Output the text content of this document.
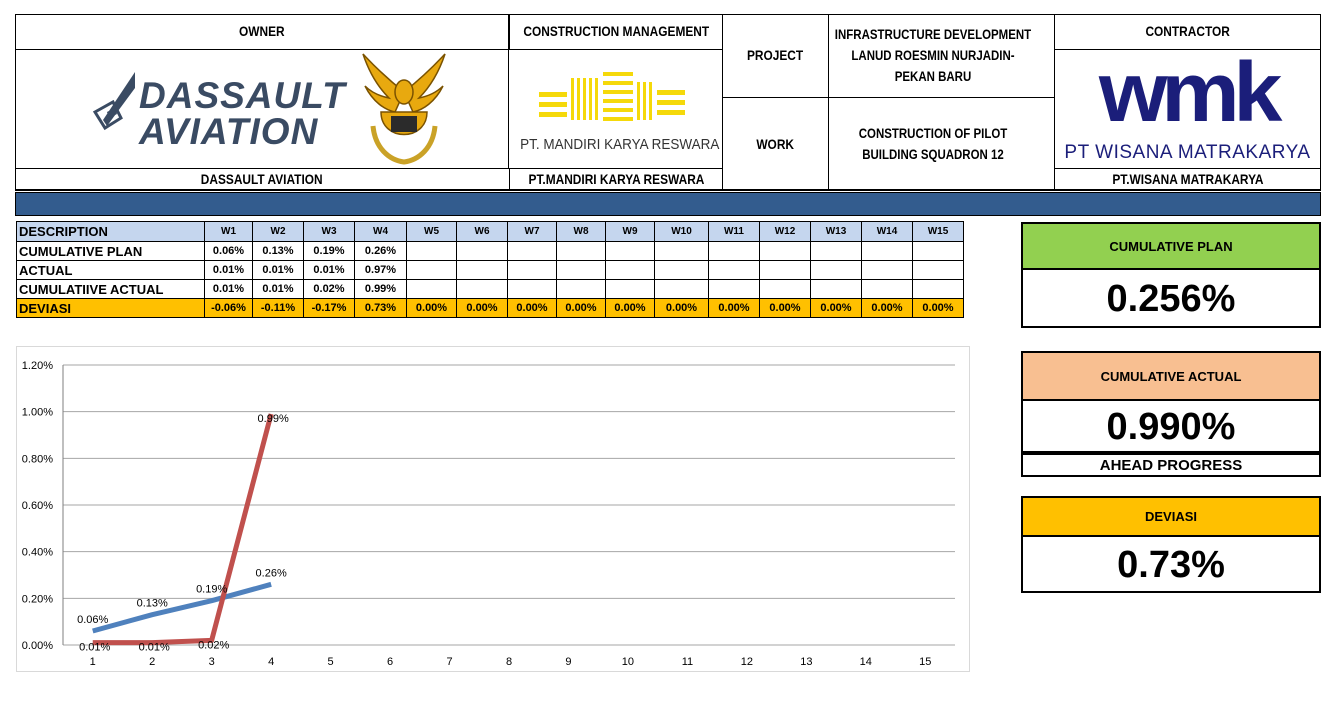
OWNER
DASSAULT
AVIATION
DASSAULT AVIATION
CONSTRUCTION MANAGEMENT
PT. MANDIRI KARYA RESWARA
PT.MANDIRI KARYA RESWARA
PROJECT
INFRASTRUCTURE DEVELOPMENT LANUD ROESMIN NURJADIN-PEKAN BARU
WORK
CONSTRUCTION OF PILOT BUILDING SQUADRON 12
CONTRACTOR
wmk
PT WISANA MATRAKARYA
PT.WISANA MATRAKARYA
DESCRIPTION	W1	W2	W3	W4	W5	W6	W7	W8	W9	W10	W11	W12	W13	W14	W15
CUMULATIVE PLAN	0.06%	0.13%	0.19%	0.26%											
ACTUAL	0.01%	0.01%	0.01%	0.97%											
CUMULATIIVE ACTUAL	0.01%	0.01%	0.02%	0.99%											
DEVIASI	-0.06%	-0.11%	-0.17%	0.73%	0.00%	0.00%	0.00%	0.00%	0.00%	0.00%	0.00%	0.00%	0.00%	0.00%	0.00%
0.00%
0.20%
0.40%
0.60%
0.80%
1.00%
1.20%
1	2	3	4	5	6	7	8	9	10	11	12	13	14	15
0.06%
0.13%
0.19%
0.26%
0.01%	0.01%	0.02%
0.99%
CUMULATIVE PLAN
0.256%
CUMULATIVE ACTUAL
0.990%
AHEAD PROGRESS
DEVIASI
0.73%
